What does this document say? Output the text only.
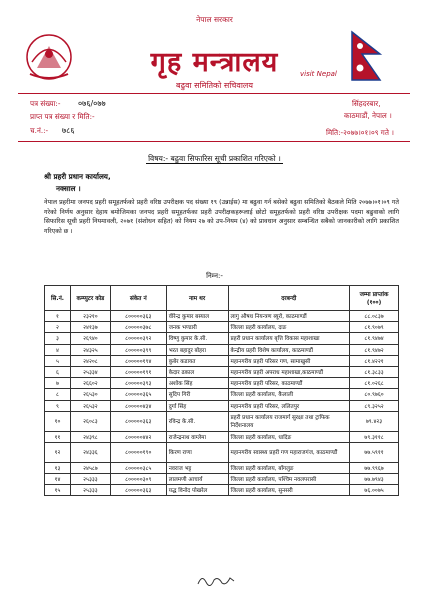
नेपाल सरकार
गृह मन्त्रालय
बढुवा समितिको सचिवालय
visit Nepal
पत्र संख्या:- ०७६/०७७
प्राप्त पत्र संख्या र मिति:-
च.नं.:- ७८६
सिंहदरबार,
काठमाडौं, नेपाल ।
मिति:-२०७७।०१।०९ गते ।
विषय:- बढुवा सिफारिस सूची प्रकाशित गरिएको ।
श्री प्रहरी प्रधान कार्यालय,
नक्साल ।
नेपाल प्रहरीमा जनपद प्रहरी समूहतर्फको प्रहरी वरिष्ठ उपरीक्षक पद संख्या १९ (उन्नाईस) मा बढुवा गर्न बसेको बढुवा समितिको बैठकले मिति २०७७।०१।०९ गते गरेको निर्णय अनुसार देहाय बमोजिमका जनपद प्रहरी समूहतर्फका प्रहरी उपरीक्षकहरूलाई छोटो समूहतर्फको प्रहरी वरिष्ठ उपरीक्षक पदमा बढुवाको लागि सिफारिस सूची प्रहरी नियमावली, २०७१ (संशोधन सहित) को नियम २७ को उप-नियम (४) को प्रावधान अनुसार सम्बन्धित सबैको जानकारीको लागि प्रकाशित गरिएको छ ।
निम्न:-
सि.नं.	कम्प्युटर कोड	संकेत नं	नाम थर	दरबन्दी	जम्मा प्राप्तांक (१००)
१	२३२१०	८०००००३६३	वीरेन्द्र कुमार बस्याल	लागु औषध नियन्त्रण ब्यूरो, काठमाण्डौं	८८.०८३७
२	२४१३७	८०००००३७८	जनक भण्डारी	जिल्ला प्रहरी कार्यालय, दाङ	८१.९०७९
३	२६९४०	८०००००३९२	विष्णु कुमार के.सी.	प्रहरी प्रधान कार्यालय बृत्ति विकास महाशाखा	८१.९४७४
४	२४३२५	८०००००३९९	भरत बहादुर बोहरा	केन्द्रीय प्रहरी विशेष कार्यालय, काठमाण्डौं	८१.९४७२
५	२४२०८	८०००००१९४	कुबेर कडायत	महानगरीय प्रहरी परिसर गण, सामाखुसी	८१.४२२१
६	२५३३४	८०००००१९१	केदार ढकाल	महानगरीय प्रहरी अपराध महाशाखा,काठमाण्डौं	८१.३८३३
७	२६६०२	८०००००३९३	अशोक सिंह	महानगरीय प्रहरी परिसर, काठमाण्डौं	८१.०२६८
८	२६५३०	८०००००३६५	सुदिप गिरी	जिल्ला प्रहरी कार्यालय, कैलाली	८०.९७६०
९	२६५३२	८०००००४३४	दुर्गा सिंह	महानगरीय प्रहरी परिसर, ललितपुर	८९.३२५२
१०	२६०८३	८०००००३६३	रविन्द्र के.सी.	प्रहरी प्रधान कार्यालय राजमार्ग सुरक्षा तथा ट्राफिक निर्देशनालय	७९.४२३
११	२४३९८	८०००००४४२	राजेन्द्रनाथ वाग्लेमा	जिल्ला प्रहरी कार्यालय, धादिङ	७९.३११८
१२	२४३३६	८०००००१९०	किरण राणा	महानगरीय स्वास्थ्य प्रहरी गण महाराजगंज, काठमाण्डौं	७७.५९११
१३	२४५८७	८०००००३८५	नवराज भट्ट	जिल्ला प्रहरी कार्यालय, बाँगलुङ	७७.९९६७
१४	२५३३३	८०००००३०९	लालमणी आचार्य	जिल्ला प्रहरी कार्यालय, पश्चिम नवलपरासी	७७.७९४३
१५	२५३३३	८०००००३६३	यद्ध विनोद पोखरेल	जिल्ला प्रहरी कार्यालय, सुनसरी	७६.००७५
